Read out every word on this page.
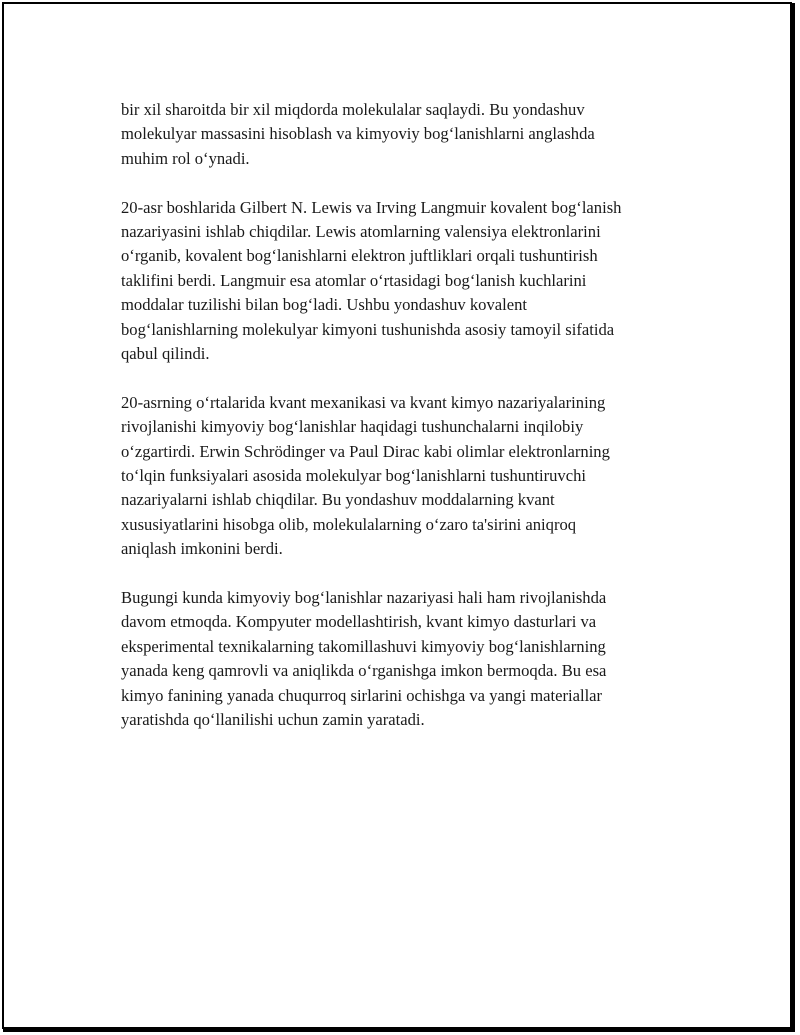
bir xil sharoitda bir xil miqdorda molekulalar saqlaydi. Bu yondashuv
molekulyar massasini hisoblash va kimyoviy bog‘lanishlarni anglashda
muhim rol o‘ynadi.

20-asr boshlarida Gilbert N. Lewis va Irving Langmuir kovalent bog‘lanish
nazariyasini ishlab chiqdilar. Lewis atomlarning valensiya elektronlarini
o‘rganib, kovalent bog‘lanishlarni elektron juftliklari orqali tushuntirish
taklifini berdi. Langmuir esa atomlar o‘rtasidagi bog‘lanish kuchlarini
moddalar tuzilishi bilan bog‘ladi. Ushbu yondashuv kovalent
bog‘lanishlarning molekulyar kimyoni tushunishda asosiy tamoyil sifatida
qabul qilindi.

20-asrning o‘rtalarida kvant mexanikasi va kvant kimyo nazariyalarining
rivojlanishi kimyoviy bog‘lanishlar haqidagi tushunchalarni inqilobiy
o‘zgartirdi. Erwin Schrödinger va Paul Dirac kabi olimlar elektronlarning
to‘lqin funksiyalari asosida molekulyar bog‘lanishlarni tushuntiruvchi
nazariyalarni ishlab chiqdilar. Bu yondashuv moddalarning kvant
xususiyatlarini hisobga olib, molekulalarning o‘zaro ta'sirini aniqroq
aniqlash imkonini berdi.

Bugungi kunda kimyoviy bog‘lanishlar nazariyasi hali ham rivojlanishda
davom etmoqda. Kompyuter modellashtirish, kvant kimyo dasturlari va
eksperimental texnikalarning takomillashuvi kimyoviy bog‘lanishlarning
yanada keng qamrovli va aniqlikda o‘rganishga imkon bermoqda. Bu esa
kimyo fanining yanada chuqurroq sirlarini ochishga va yangi materiallar
yaratishda qo‘llanilishi uchun zamin yaratadi.
